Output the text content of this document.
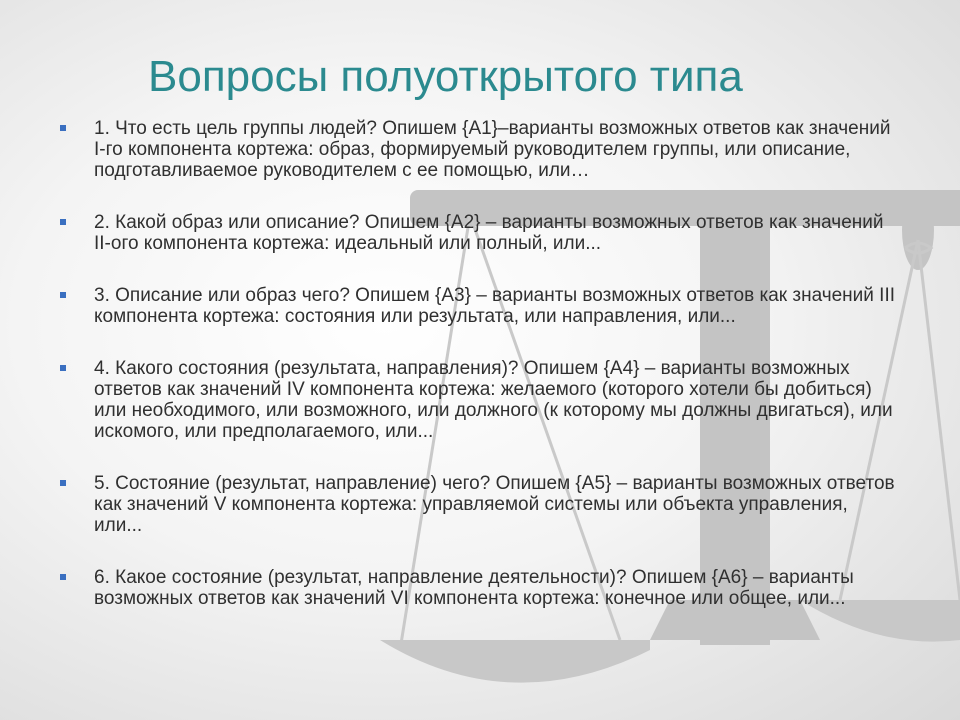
Вопросы полуоткрытого типа
1. Что есть цель группы людей? Опишем {А1}–варианты возможных ответов как значений I-го компонента кортежа: образ, формируемый руководителем группы, или описание, подготавливаемое руководителем с ее помощью, или…
2. Какой образ или описание? Опишем {А2} – варианты возможных ответов как значений II-ого компонента кортежа: идеальный или полный, или...
3. Описание или образ чего? Опишем {А3} – варианты возможных ответов как значений III компонента кортежа: состояния или результата, или направления, или...
4. Какого состояния (результата, направления)? Опишем {А4} – варианты возможных ответов как значений IV компонента кортежа: желаемого (которого хотели бы добиться) или необходимого, или возможного, или должного (к которому мы должны двигаться), или искомого, или предполагаемого, или...
5. Состояние (результат, направление) чего? Опишем {А5} – варианты возможных ответов как значений V компонента кортежа: управляемой системы или объекта управления, или...
6. Какое состояние (результат, направление деятельности)? Опишем {А6} – варианты возможных ответов как значений VI компонента кортежа: конечное или общее, или...
